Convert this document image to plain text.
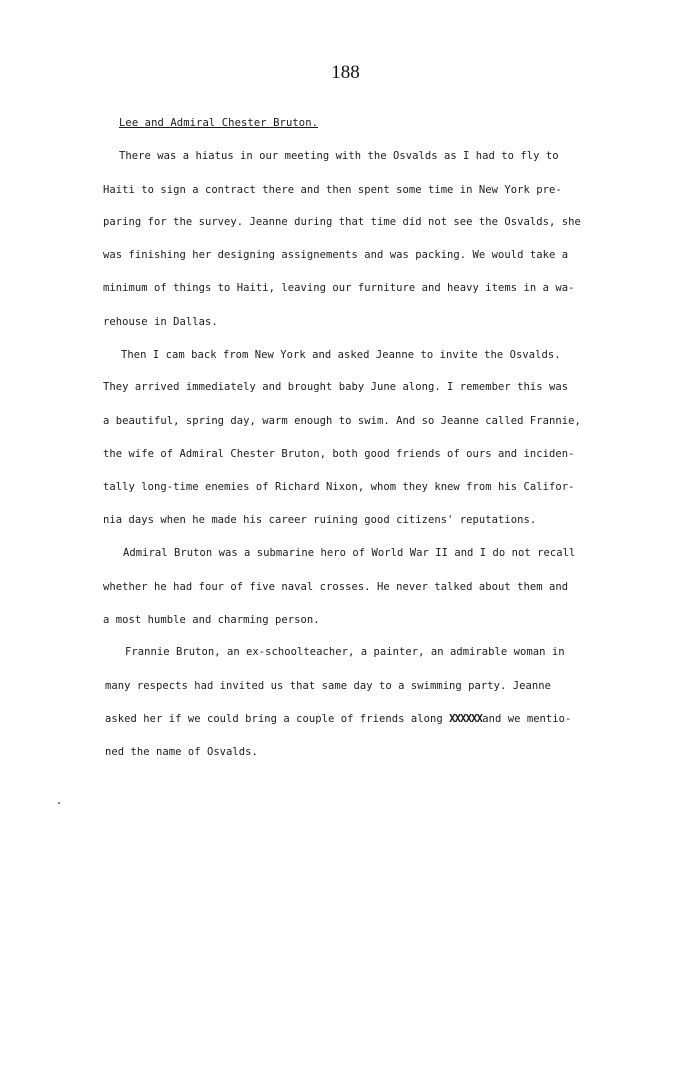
188
Lee and Admiral Chester Bruton.
There was a hiatus in our meeting with the Osvalds as I had to fly to
Haiti to sign a contract there and then spent some time in New York pre-
paring for the survey. Jeanne during that time did not see the Osvalds, she
was finishing her designing assignements and was packing. We would take a
minimum of things to Haiti, leaving our furniture and heavy items in a wa-
rehouse in Dallas.
Then I cam back from New York and asked Jeanne to invite the Osvalds.
They arrived immediately and brought baby June along. I remember this was
a beautiful, spring day, warm enough to swim. And so Jeanne called Frannie,
the wife of Admiral Chester Bruton, both good friends of ours and inciden-
tally long-time enemies of Richard Nixon, whom they knew from his Califor-
nia days when he made his career ruining good citizens' reputations.
Admiral Bruton was a submarine hero of World War II and I do not recall
whether he had four of five naval crosses. He never talked about them and
a most humble and charming person.
Frannie Bruton, an ex-schoolteacher, a painter, an admirable woman in
many respects had invited us that same day to a swimming party. Jeanne
asked her if we could bring a couple of friends along XXXXXXand we mentio-
ned the name of Osvalds.
